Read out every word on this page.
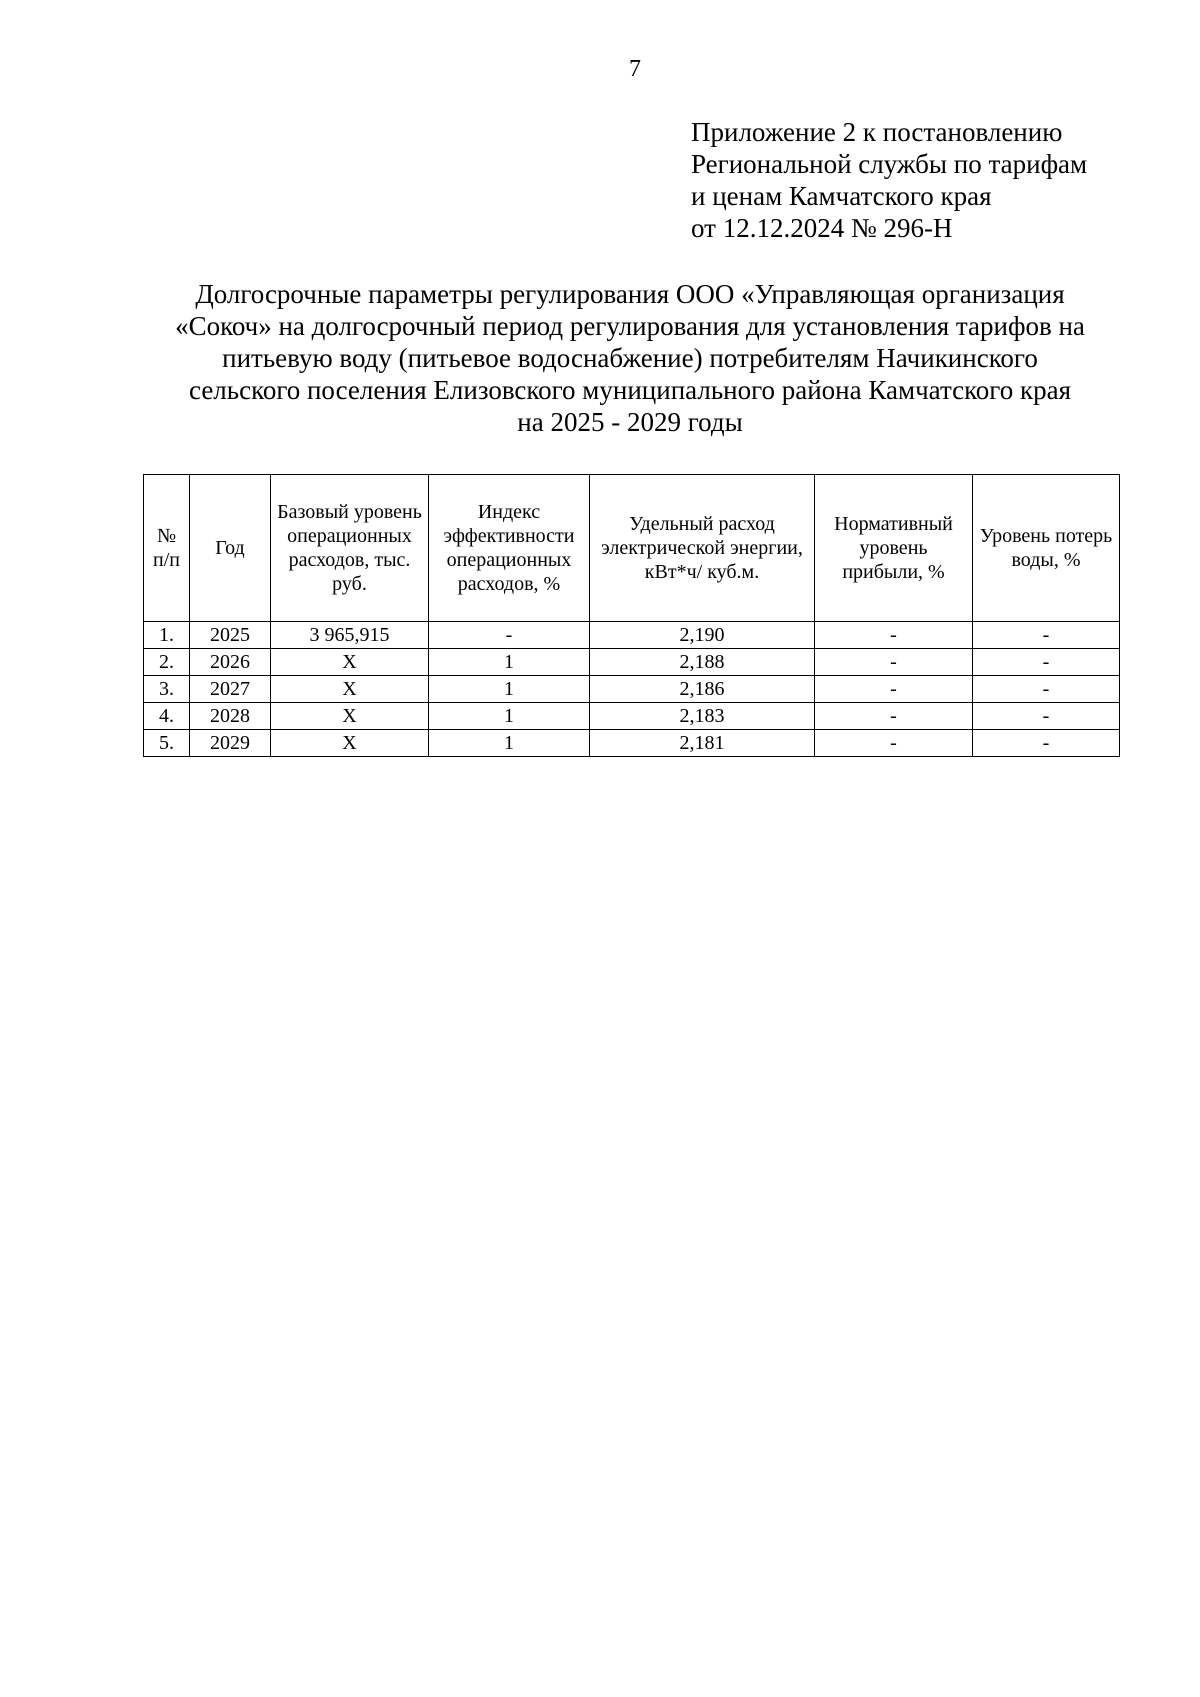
7
Приложение 2 к постановлению
Региональной службы по тарифам
и ценам Камчатского края
от 12.12.2024 № 296-Н
Долгосрочные параметры регулирования ООО «Управляющая организация
«Сокоч» на долгосрочный период регулирования для установления тарифов на
питьевую воду (питьевое водоснабжение) потребителям Начикинского
сельского поселения Елизовского муниципального района Камчатского края
на 2025 - 2029 годы
№ п/п	Год	Базовый уровень операционных расходов, тыс. руб.	Индекс эффективности операционных расходов, %	Удельный расход электрической энергии, кВт*ч/ куб.м.	Нормативный уровень прибыли, %	Уровень потерь воды, %
1.	2025	3 965,915	-	2,190	-	-
2.	2026	Х	1	2,188	-	-
3.	2027	Х	1	2,186	-	-
4.	2028	Х	1	2,183	-	-
5.	2029	Х	1	2,181	-	-
